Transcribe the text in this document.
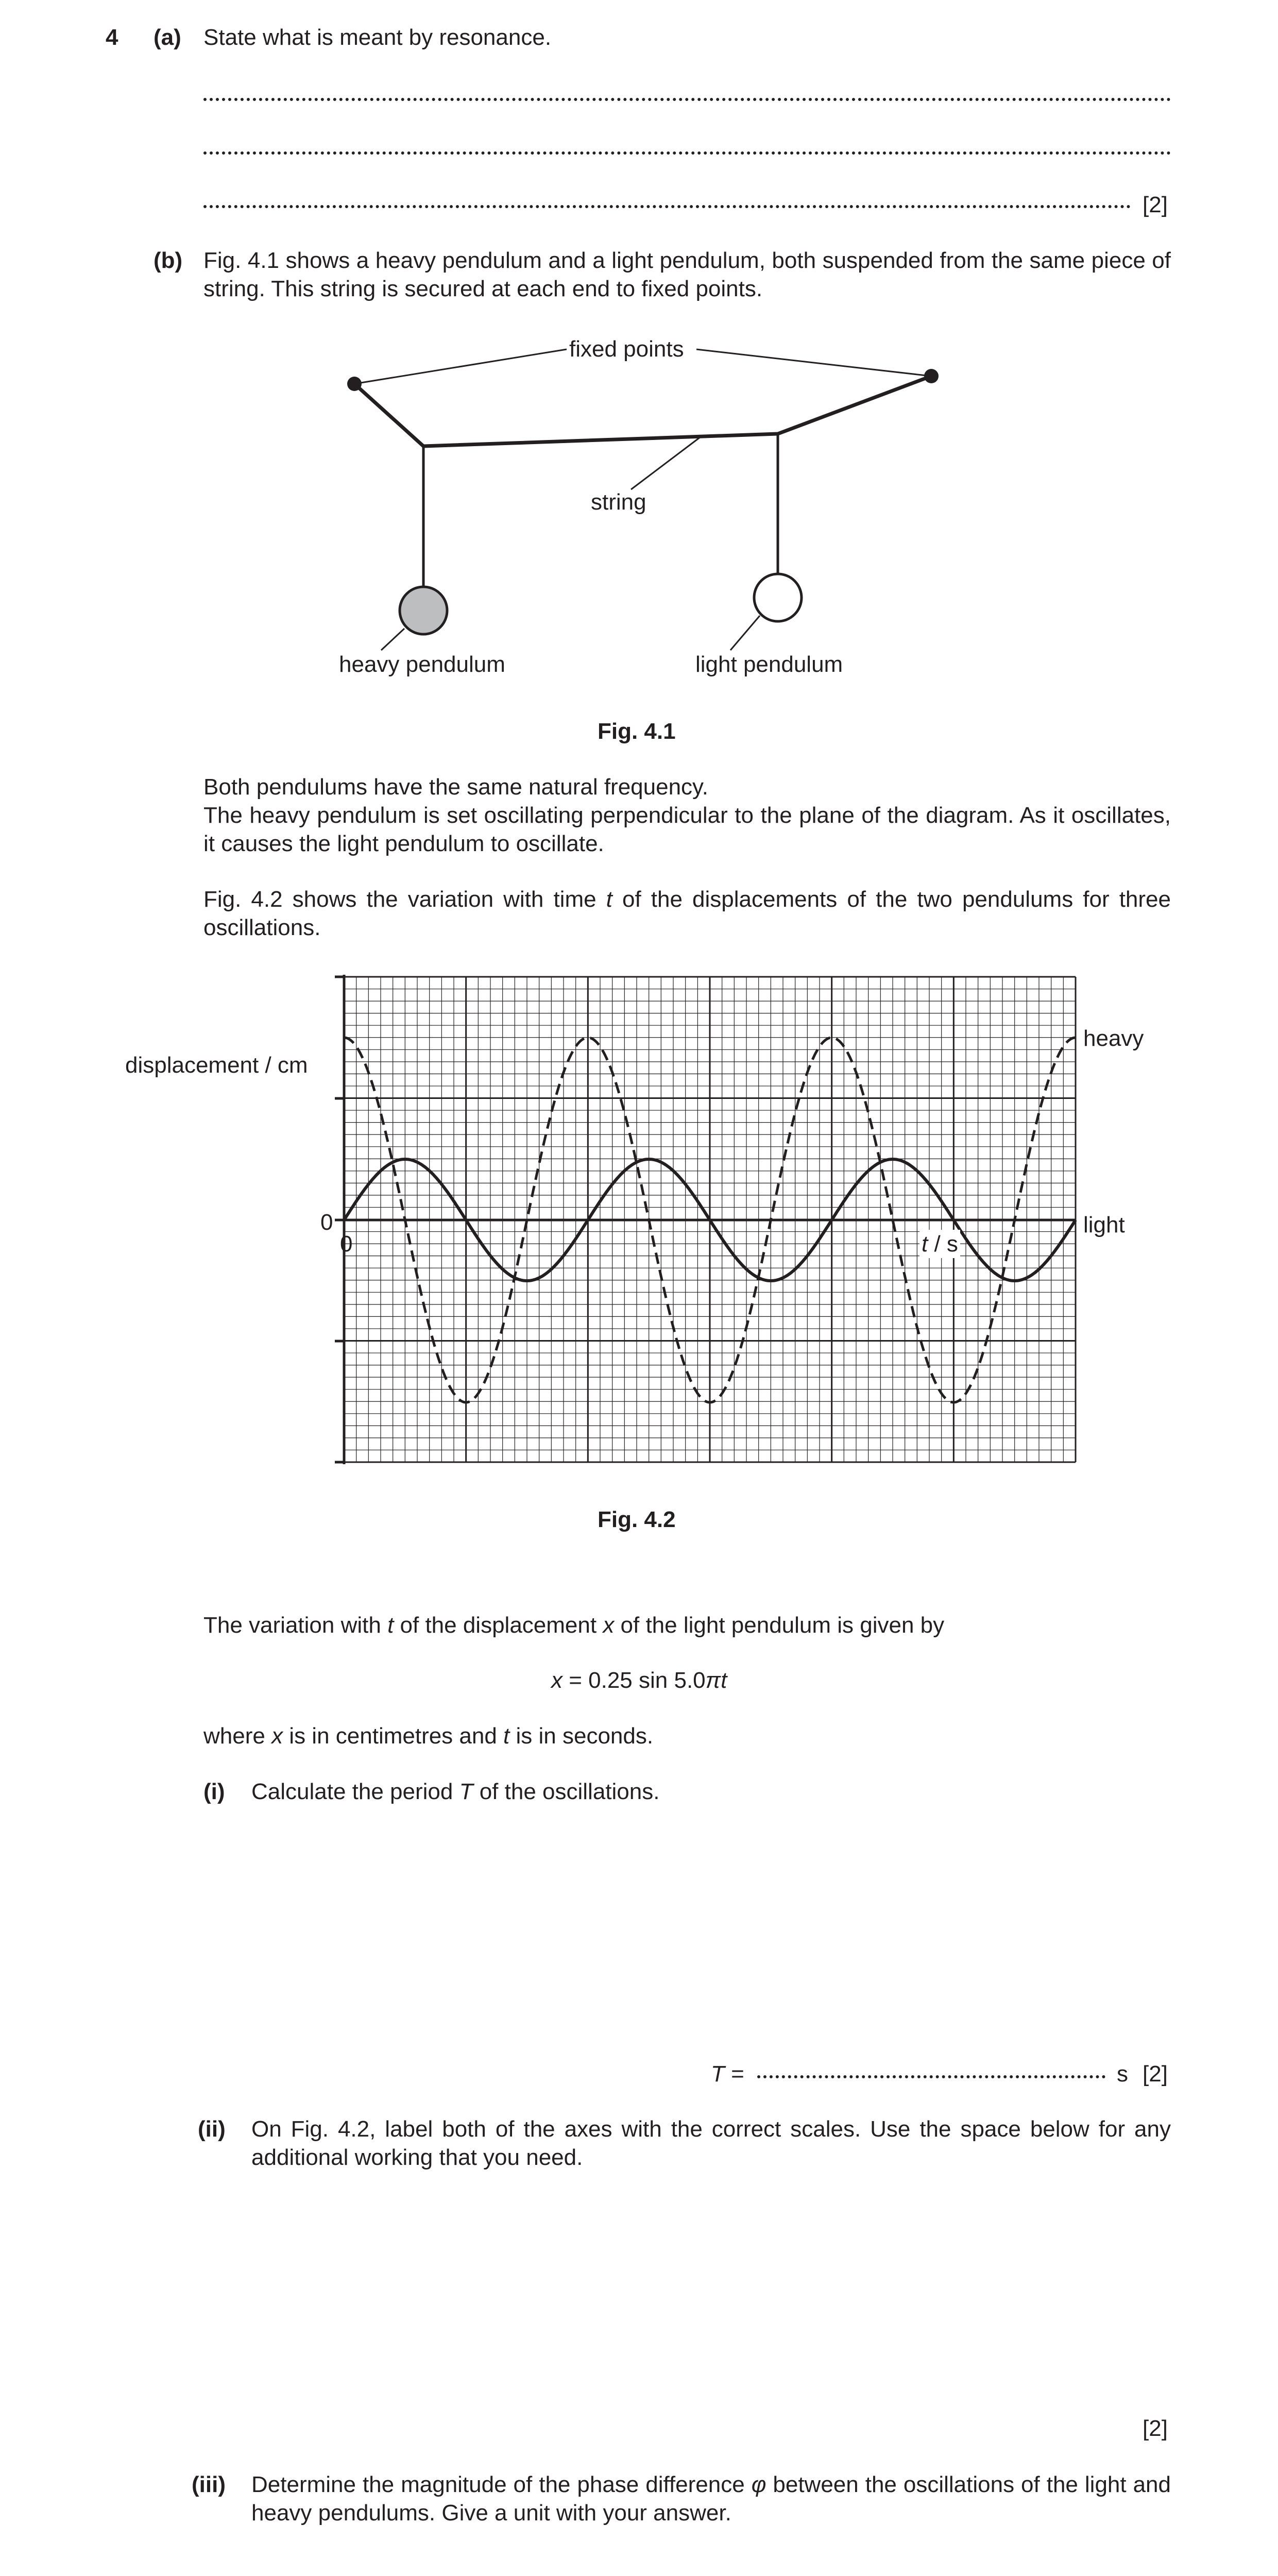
4 (a) State what is meant by resonance.
[2]
(b) Fig. 4.1 shows a heavy pendulum and a light pendulum, both suspended from the same piece of string. This string is secured at each end to fixed points.
fixed points
string
heavy pendulum	light pendulum
Fig. 4.1
Both pendulums have the same natural frequency.
The heavy pendulum is set oscillating perpendicular to the plane of the diagram. As it oscillates, it causes the light pendulum to oscillate.
Fig. 4.2 shows the variation with time t of the displacements of the two pendulums for three oscillations.
displacement / cm
0
0	t / s
heavy
light
Fig. 4.2
The variation with t of the displacement x of the light pendulum is given by
x = 0.25 sin 5.0πt
where x is in centimetres and t is in seconds.
(i) Calculate the period T of the oscillations.
T =	s [2]
(ii) On Fig. 4.2, label both of the axes with the correct scales. Use the space below for any additional working that you need.
[2]
(iii) Determine the magnitude of the phase difference φ between the oscillations of the light and heavy pendulums. Give a unit with your answer.
